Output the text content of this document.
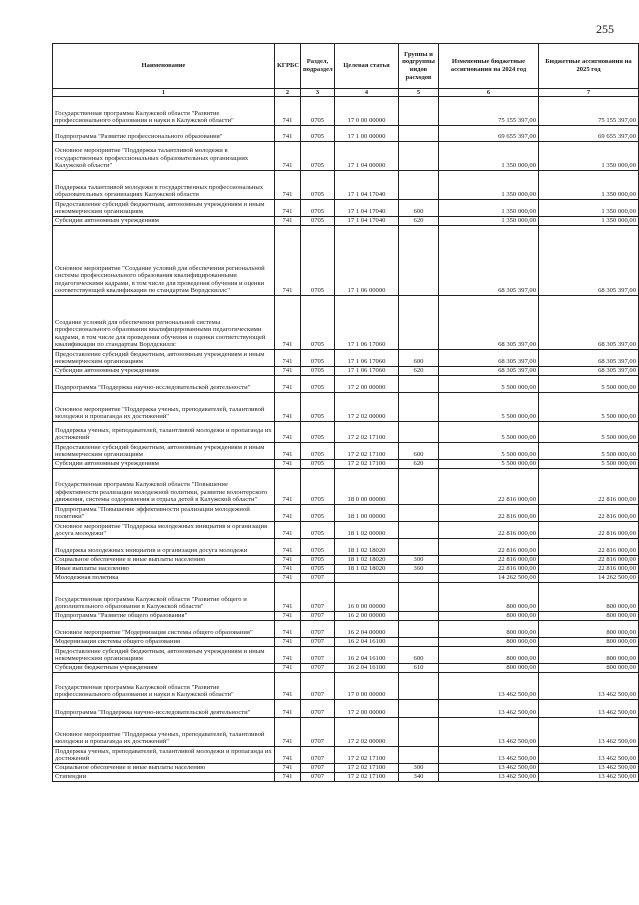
255
Наименование	КГРБС	Раздел, подраздел	Целевая статья	Группы и подгруппы видов расходов	Измененные бюджетные ассигнования на 2024 год	Бюджетные ассигнования на 2025 год
1	2	3	4	5	6	7
Государственная программа Калужской области "Развитие профессионального образования и науки в Калужской области"	741	0705	17 0 00 00000		75 155 397,00	75 155 397,00
Подпрограмма "Развитие профессионального образования"	741	0705	17 1 00 00000		69 655 397,00	69 655 397,00
Основное мероприятие "Поддержка талантливой молодежи в государственных профессиональных образовательных организациях Калужской области"	741	0705	17 1 04 00000		1 350 000,00	1 350 000,00
Поддержка талантливой молодежи в государственных профессиональных образовательных организациях Калужской области	741	0705	17 1 04 17040		1 350 000,00	1 350 000,00
Предоставление субсидий бюджетным, автономным учреждениям и иным некоммерческим организациям	741	0705	17 1 04 17040	600	1 350 000,00	1 350 000,00
Субсидии автономным учреждениям	741	0705	17 1 04 17040	620	1 350 000,00	1 350 000,00
Основное мероприятие "Создание условий для обеспечения региональной системы профессионального образования квалифицированными педагогическими кадрами, в том числе для проведения обучения и оценки соответствующей квалификации по стандартам Ворлдскиллс"	741	0705	17 1 06 00000		68 305 397,00	68 305 397,00
Создание условий для обеспечения региональной системы профессионального образования квалифицированными педагогическими кадрами, в том числе для проведения обучения и оценки соответствующей квалификации по стандартам Ворлдскиллс	741	0705	17 1 06 17060		68 305 397,00	68 305 397,00
Предоставление субсидий бюджетным, автономным учреждениям и иным некоммерческим организациям	741	0705	17 1 06 17060	600	68 305 397,00	68 305 397,00
Субсидии автономным учреждениям	741	0705	17 1 06 17060	620	68 305 397,00	68 305 397,00
Подпрограмма "Поддержка научно-исследовательской деятельности"	741	0705	17 2 00 00000		5 500 000,00	5 500 000,00
Основное мероприятие "Поддержка ученых, преподавателей, талантливой молодежи и пропаганда их достижений"	741	0705	17 2 02 00000		5 500 000,00	5 500 000,00
Поддержка ученых, преподавателей, талантливой молодежи и пропаганда их достижений	741	0705	17 2 02 17100		5 500 000,00	5 500 000,00
Предоставление субсидий бюджетным, автономным учреждениям и иным некоммерческим организациям	741	0705	17 2 02 17100	600	5 500 000,00	5 500 000,00
Субсидии автономным учреждениям	741	0705	17 2 02 17100	620	5 500 000,00	5 500 000,00
Государственная программа Калужской области "Повышение эффективности реализации молодежной политики, развитие волонтерского движения, системы оздоровления и отдыха детей в Калужской области"	741	0705	18 0 00 00000		22 816 000,00	22 816 000,00
Подпрограмма "Повышение эффективности реализации молодежной политики"	741	0705	18 1 00 00000		22 816 000,00	22 816 000,00
Основное мероприятие "Поддержка молодежных инициатив и организация досуга молодежи"	741	0705	18 1 02 00000		22 816 000,00	22 816 000,00
Поддержка молодежных инициатив и организация досуга молодежи	741	0705	18 1 02 18020		22 816 000,00	22 816 000,00
Социальное обеспечение и иные выплаты населению	741	0705	18 1 02 18020	300	22 816 000,00	22 816 000,00
Иные выплаты населению	741	0705	18 1 02 18020	360	22 816 000,00	22 816 000,00
Молодежная политика	741	0707			14 262 500,00	14 262 500,00
Государственная программа Калужской области "Развитие общего и дополнительного образования в Калужской области"	741	0707	16 0 00 00000		800 000,00	800 000,00
Подпрограмма "Развитие общего образования"	741	0707	16 2 00 00000		800 000,00	800 000,00
Основное мероприятие "Модернизация системы общего образования"	741	0707	16 2 04 00000		800 000,00	800 000,00
Модернизация системы общего образования	741	0707	16 2 04 16100		800 000,00	800 000,00
Предоставление субсидий бюджетным, автономным учреждениям и иным некоммерческим организациям	741	0707	16 2 04 16100	600	800 000,00	800 000,00
Субсидии бюджетным учреждениям	741	0707	16 2 04 16100	610	800 000,00	800 000,00
Государственная программа Калужской области "Развитие профессионального образования и науки в Калужской области"	741	0707	17 0 00 00000		13 462 500,00	13 462 500,00
Подпрограмма "Поддержка научно-исследовательской деятельности"	741	0707	17 2 00 00000		13 462 500,00	13 462 500,00
Основное мероприятие "Поддержка ученых, преподавателей, талантливой молодежи и пропаганда их достижений"	741	0707	17 2 02 00000		13 462 500,00	13 462 500,00
Поддержка ученых, преподавателей, талантливой молодежи и пропаганда их достижений	741	0707	17 2 02 17100		13 462 500,00	13 462 500,00
Социальное обеспечение и иные выплаты населению	741	0707	17 2 02 17100	300	13 462 500,00	13 462 500,00
Стипендии	741	0707	17 2 02 17100	340	13 462 500,00	13 462 500,00
